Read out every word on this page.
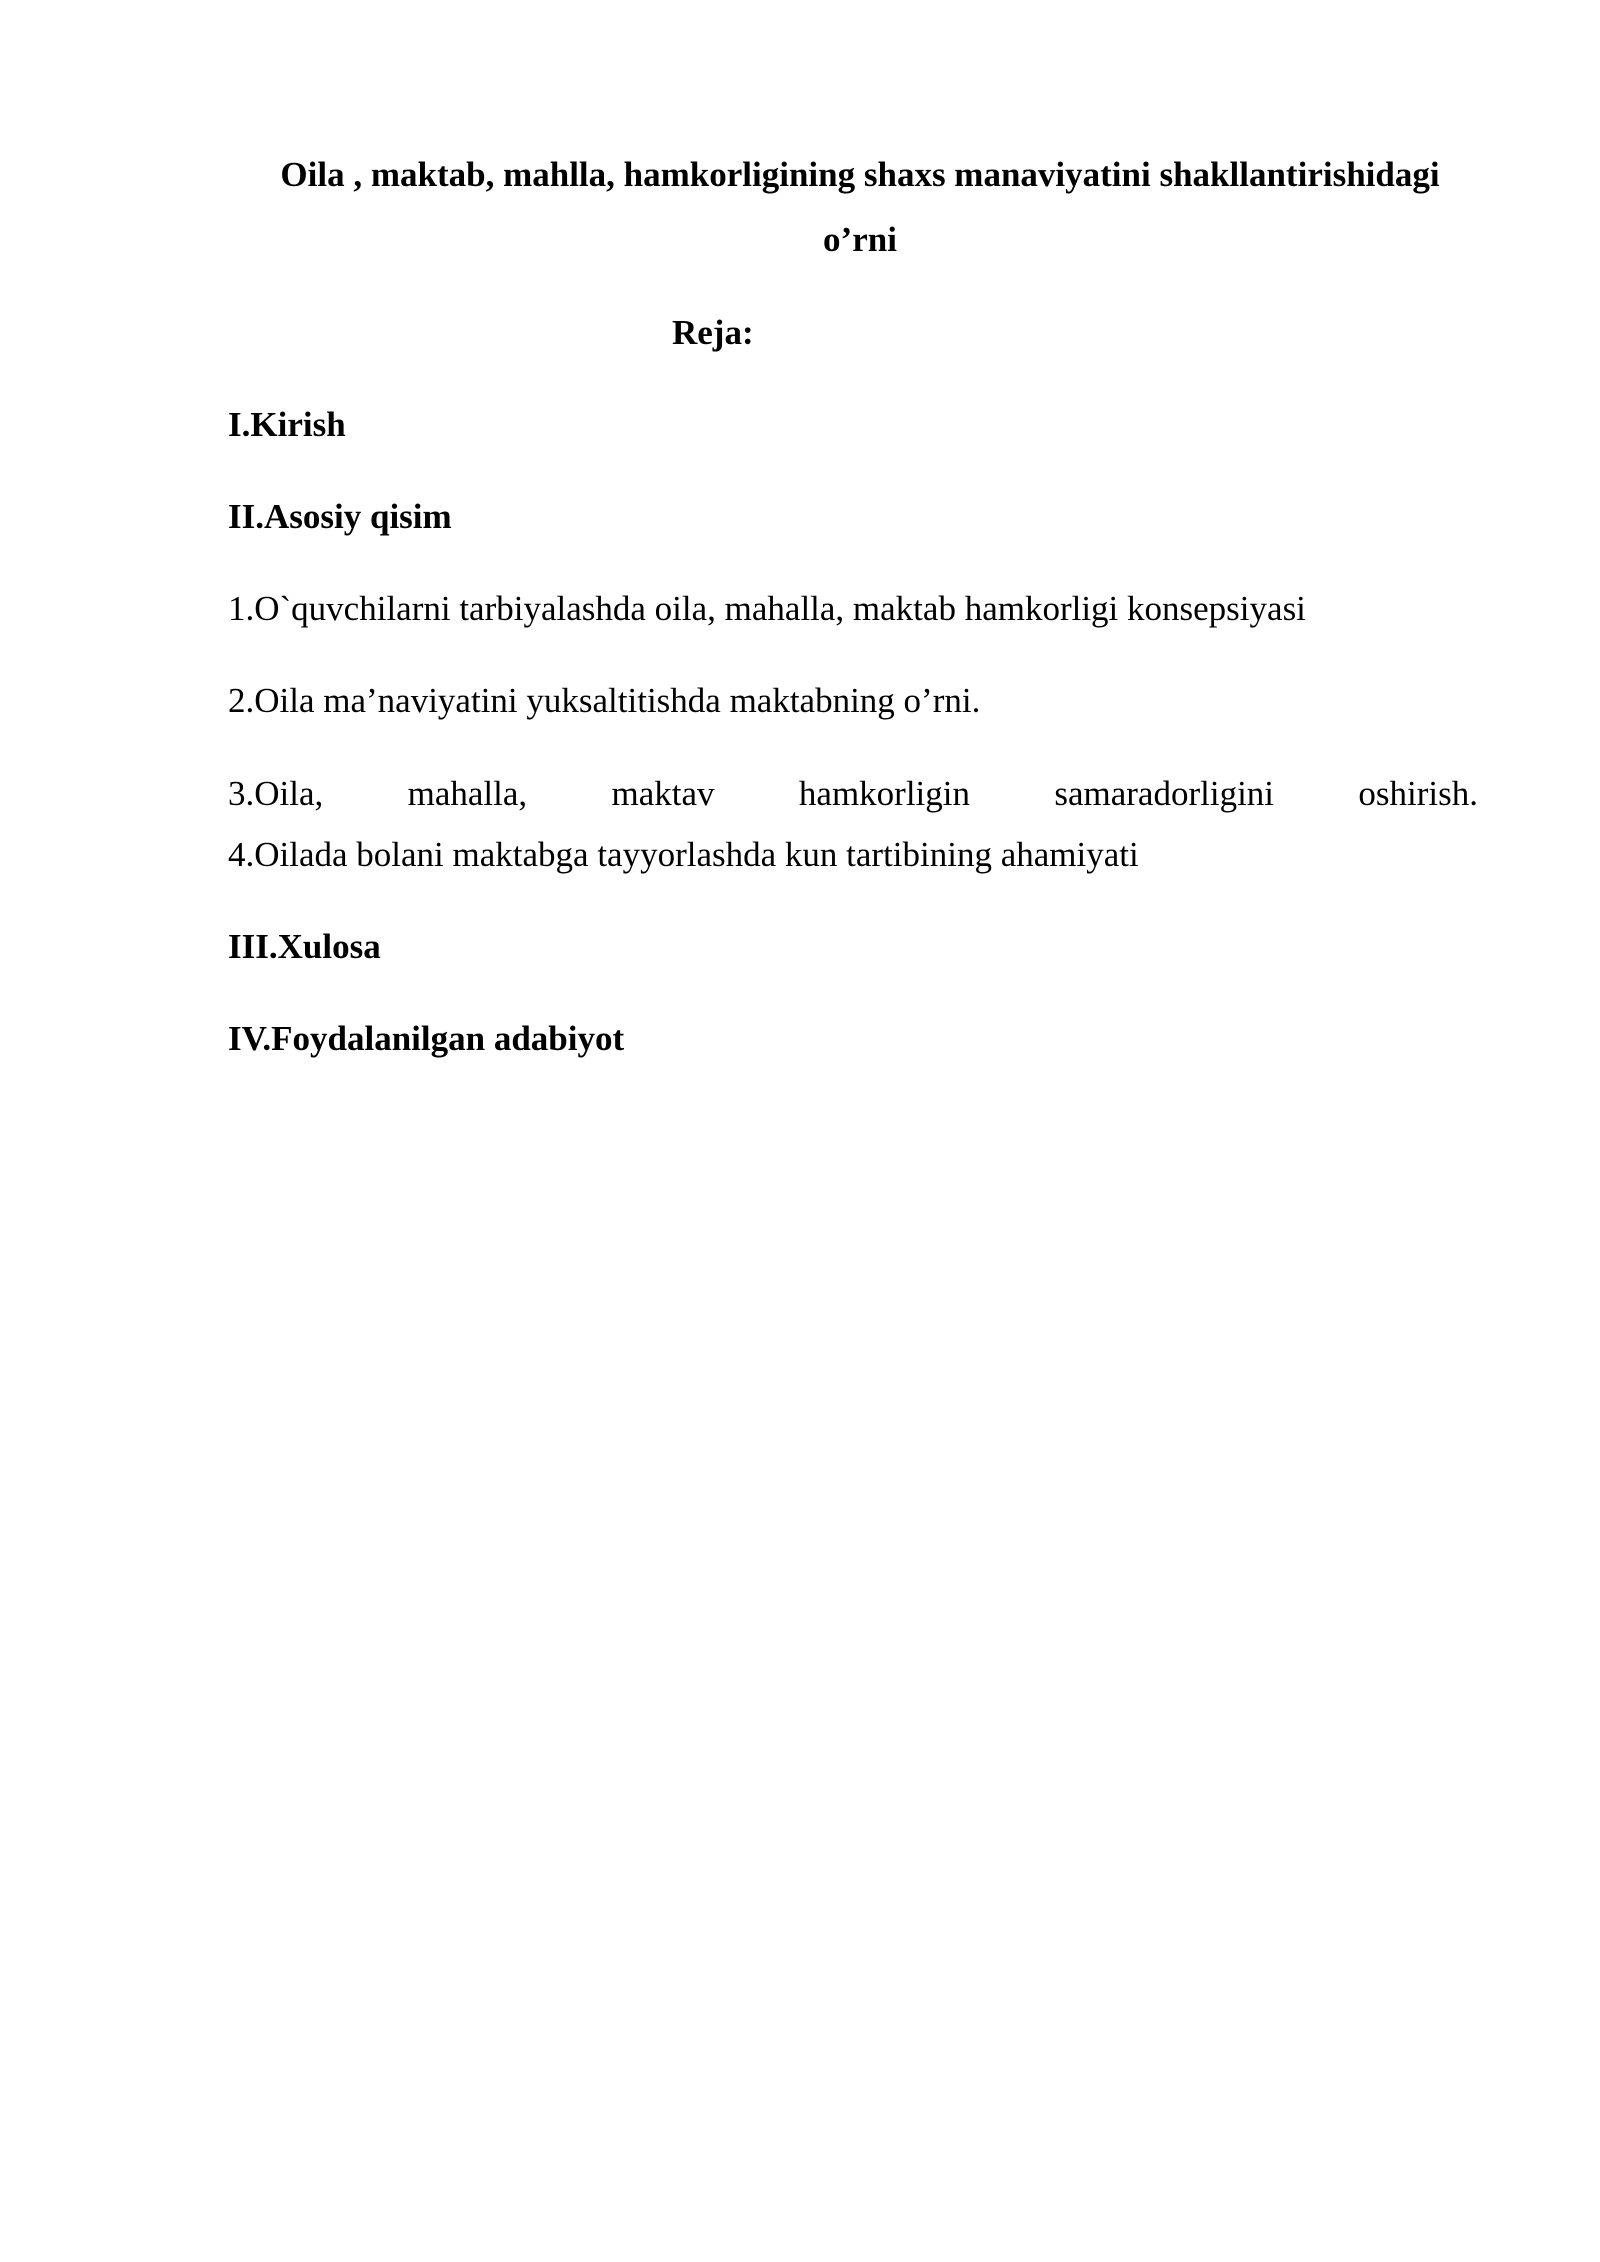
Oila , maktab, mahlla, hamkorligining shaxs manaviyatini shakllantirishidagi
o’rni
Reja:
I.Kirish
II.Asosiy qisim
1.O`quvchilarni tarbiyalashda oila, mahalla, maktab hamkorligi konsepsiyasi
2.Oila ma’naviyatini yuksaltitishda maktabning o’rni.
3.Oila, mahalla, maktav hamkorligin samaradorligini oshirish.
4.Oilada bolani maktabga tayyorlashda kun tartibining ahamiyati
III.Xulosa
IV.Foydalanilgan adabiyot
